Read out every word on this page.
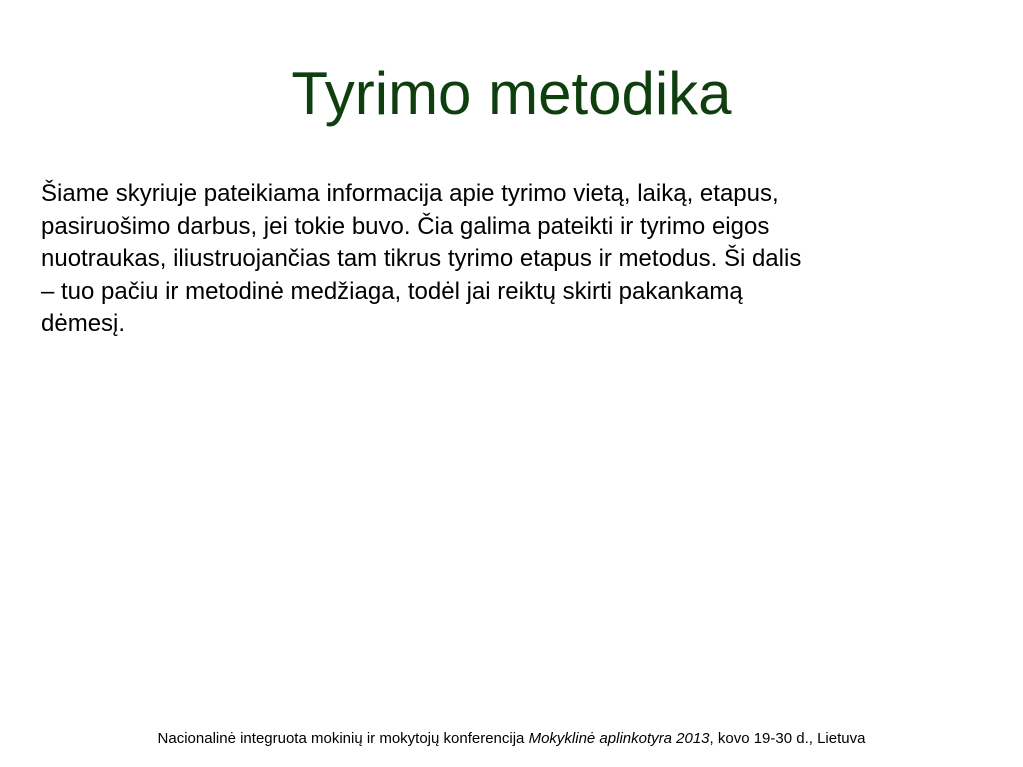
Tyrimo metodika

Šiame skyriuje pateikiama informacija apie tyrimo vietą, laiką, etapus,
pasiruošimo darbus, jei tokie buvo. Čia galima pateikti ir tyrimo eigos
nuotraukas, iliustruojančias tam tikrus tyrimo etapus ir metodus. Ši dalis
– tuo pačiu ir metodinė medžiaga, todėl jai reiktų skirti pakankamą
dėmesį.

Nacionalinė integruota mokinių ir mokytojų konferencija Mokyklinė aplinkotyra 2013, kovo 19-30 d., Lietuva
